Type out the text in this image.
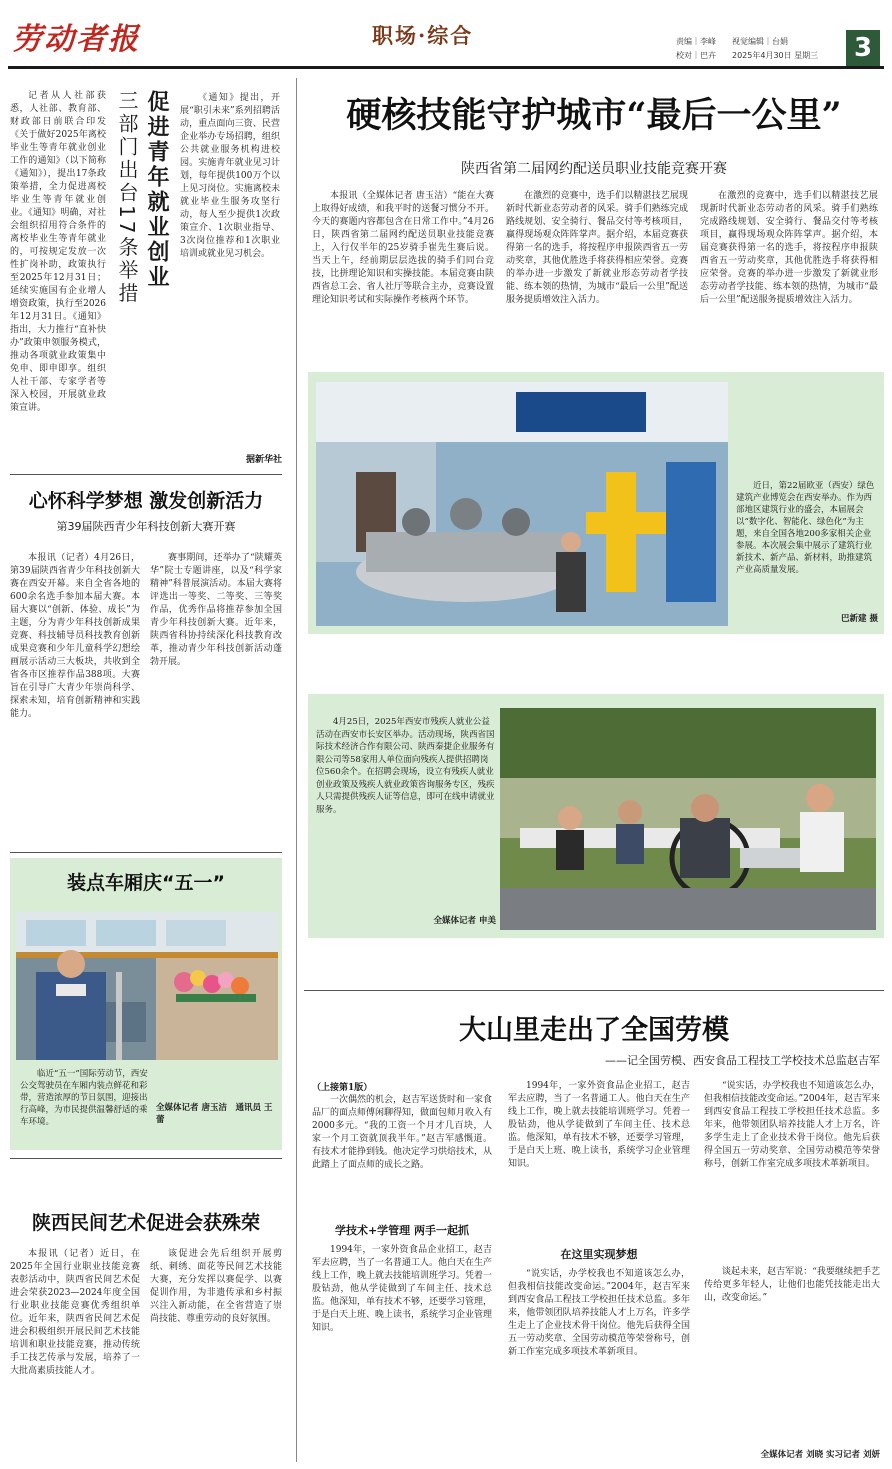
劳动者报	职场·综合	责编｜李峰　　视觉编辑｜台娟
校对｜巴卉　　2025年4月30日 星期三	3
促进青年就业创业
三部门出台17条举措
记者从人社部获悉，人社部、教育部、财政部日前联合印发《关于做好2025年离校毕业生等青年就业创业工作的通知》（以下简称《通知》），提出17条政策举措，全力促进离校毕业生等青年就业创业。《通知》明确，对社会组织招用符合条件的离校毕业生等青年就业的，可按规定发放一次性扩岗补助，政策执行至2025年12月31日；延续实施国有企业增人增资政策，执行至2026年12月31日。《通知》指出，大力推行“直补快办”政策申领服务模式，推动各项就业政策集中免申、即申即享。组织人社干部、专家学者等深入校园，开展就业政策宣讲。
《通知》提出，开展“职引未来”系列招聘活动，重点面向三资、民营企业举办专场招聘，组织公共就业服务机构进校园。实施青年就业见习计划，每年提供100万个以上见习岗位。实施离校未就业毕业生服务攻坚行动，每人至少提供1次政策宣介、1次职业指导、3次岗位推荐和1次职业培训或就业见习机会。
据新华社
心怀科学梦想 激发创新活力
第39届陕西青少年科技创新大赛开赛
本报讯（记者）4月26日，第39届陕西省青少年科技创新大赛在西安开幕。来自全省各地的600余名选手参加本届大赛。本届大赛以“创新、体验、成长”为主题，分为青少年科技创新成果竞赛、科技辅导员科技教育创新成果竞赛和少年儿童科学幻想绘画展示活动三大板块，共收到全省各市区推荐作品388项。大赛旨在引导广大青少年崇尚科学、探索未知，培育创新精神和实践能力。
赛事期间，还举办了“陕耀英华”院士专题讲座，以及“科学家精神”科普展演活动。本届大赛将评选出一等奖、二等奖、三等奖作品，优秀作品将推荐参加全国青少年科技创新大赛。近年来，陕西省科协持续深化科技教育改革，推动青少年科技创新活动蓬勃开展。
装点车厢庆“五一”
临近“五一”国际劳动节，西安公交驾驶员在车厢内装点鲜花和彩带，营造浓厚的节日氛围，迎接出行高峰，为市民提供温馨舒适的乘车环境。
全媒体记者 唐玉洁　通讯员 王蕾
陕西民间艺术促进会获殊荣
本报讯（记者）近日，在2025年全国行业职业技能竞赛表彰活动中，陕西省民间艺术促进会荣获2023—2024年度全国行业职业技能竞赛优秀组织单位。近年来，陕西省民间艺术促进会积极组织开展民间艺术技能培训和职业技能竞赛，推动传统手工技艺传承与发展，培养了一大批高素质技能人才。
该促进会先后组织开展剪纸、刺绣、面花等民间艺术技能大赛，充分发挥以赛促学、以赛促训作用，为非遗传承和乡村振兴注入新动能，在全省营造了崇尚技能、尊重劳动的良好氛围。
硬核技能守护城市“最后一公里”
陕西省第二届网约配送员职业技能竞赛开赛
本报讯（全媒体记者 唐玉洁）“能在大赛上取得好成绩，和我平时的送餐习惯分不开。今天的赛题内容都包含在日常工作中。”4月26日，陕西省第二届网约配送员职业技能竞赛上，入行仅半年的25岁骑手崔先生赛后说。当天上午，经前期层层选拔的骑手们同台竞技，比拼理论知识和实操技能。本届竞赛由陕西省总工会、省人社厅等联合主办，竞赛设置理论知识考试和实际操作考核两个环节。
在激烈的竞赛中，选手们以精湛技艺展现新时代新业态劳动者的风采。骑手们熟练完成路线规划、安全骑行、餐品交付等考核项目，赢得现场观众阵阵掌声。据介绍，本届竞赛获得第一名的选手，将按程序申报陕西省五一劳动奖章，其他优胜选手将获得相应荣誉。竞赛的举办进一步激发了新就业形态劳动者学技能、练本领的热情，为城市“最后一公里”配送服务提质增效注入活力。
在激烈的竞赛中，选手们以精湛技艺展现新时代新业态劳动者的风采。骑手们熟练完成路线规划、安全骑行、餐品交付等考核项目，赢得现场观众阵阵掌声。据介绍，本届竞赛获得第一名的选手，将按程序申报陕西省五一劳动奖章，其他优胜选手将获得相应荣誉。竞赛的举办进一步激发了新就业形态劳动者学技能、练本领的热情，为城市“最后一公里”配送服务提质增效注入活力。
近日，第22届欧亚（西安）绿色建筑产业博览会在西安举办。作为西部地区建筑行业的盛会，本届展会以“数字化、智能化、绿色化”为主题，来自全国各地200多家相关企业参展。本次展会集中展示了建筑行业新技术、新产品、新材料，助推建筑产业高质量发展。
巴新建 摄
4月25日，2025年西安市残疾人就业公益活动在西安市长安区举办。活动现场，陕西省国际技术经济合作有限公司、陕西秦捷企业服务有限公司等58家用人单位面向残疾人提供招聘岗位560余个。在招聘会现场，设立有残疾人就业创业政策及残疾人就业政策咨询服务专区，残疾人只需提供残疾人证等信息，即可在线申请就业服务。
全媒体记者 申美
大山里走出了全国劳模
——记全国劳模、西安食品工程技工学校技术总监赵吉军
（上接第1版）
一次偶然的机会，赵吉军送货时和一家食品厂的面点师傅闲聊得知，做面包师月收入有2000多元。“我的工资一个月才几百块，人家一个月工资就顶我半年。”赵吉军感慨道。有技术才能挣到钱。他决定学习烘焙技术，从此踏上了面点师的成长之路。
学技术+学管理 两手一起抓
1994年，一家外资食品企业招工，赵吉军去应聘，当了一名普通工人。他白天在生产线上工作，晚上就去技能培训班学习。凭着一股钻劲，他从学徒做到了车间主任、技术总监。他深知，单有技术不够，还要学习管理，于是白天上班、晚上读书，系统学习企业管理知识。
1994年，一家外资食品企业招工，赵吉军去应聘，当了一名普通工人。他白天在生产线上工作，晚上就去技能培训班学习。凭着一股钻劲，他从学徒做到了车间主任、技术总监。他深知，单有技术不够，还要学习管理，于是白天上班、晚上读书，系统学习企业管理知识。
在这里实现梦想
“说实话，办学校我也不知道该怎么办，但我相信技能改变命运。”2004年，赵吉军来到西安食品工程技工学校担任技术总监。多年来，他带领团队培养技能人才上万名，许多学生走上了企业技术骨干岗位。他先后获得全国五一劳动奖章、全国劳动模范等荣誉称号，创新工作室完成多项技术革新项目。
“说实话，办学校我也不知道该怎么办，但我相信技能改变命运。”2004年，赵吉军来到西安食品工程技工学校担任技术总监。多年来，他带领团队培养技能人才上万名，许多学生走上了企业技术骨干岗位。他先后获得全国五一劳动奖章、全国劳动模范等荣誉称号，创新工作室完成多项技术革新项目。
谈起未来，赵吉军说：“我要继续把手艺传给更多年轻人，让他们也能凭技能走出大山，改变命运。”
全媒体记者 刘晓 实习记者 刘妍
